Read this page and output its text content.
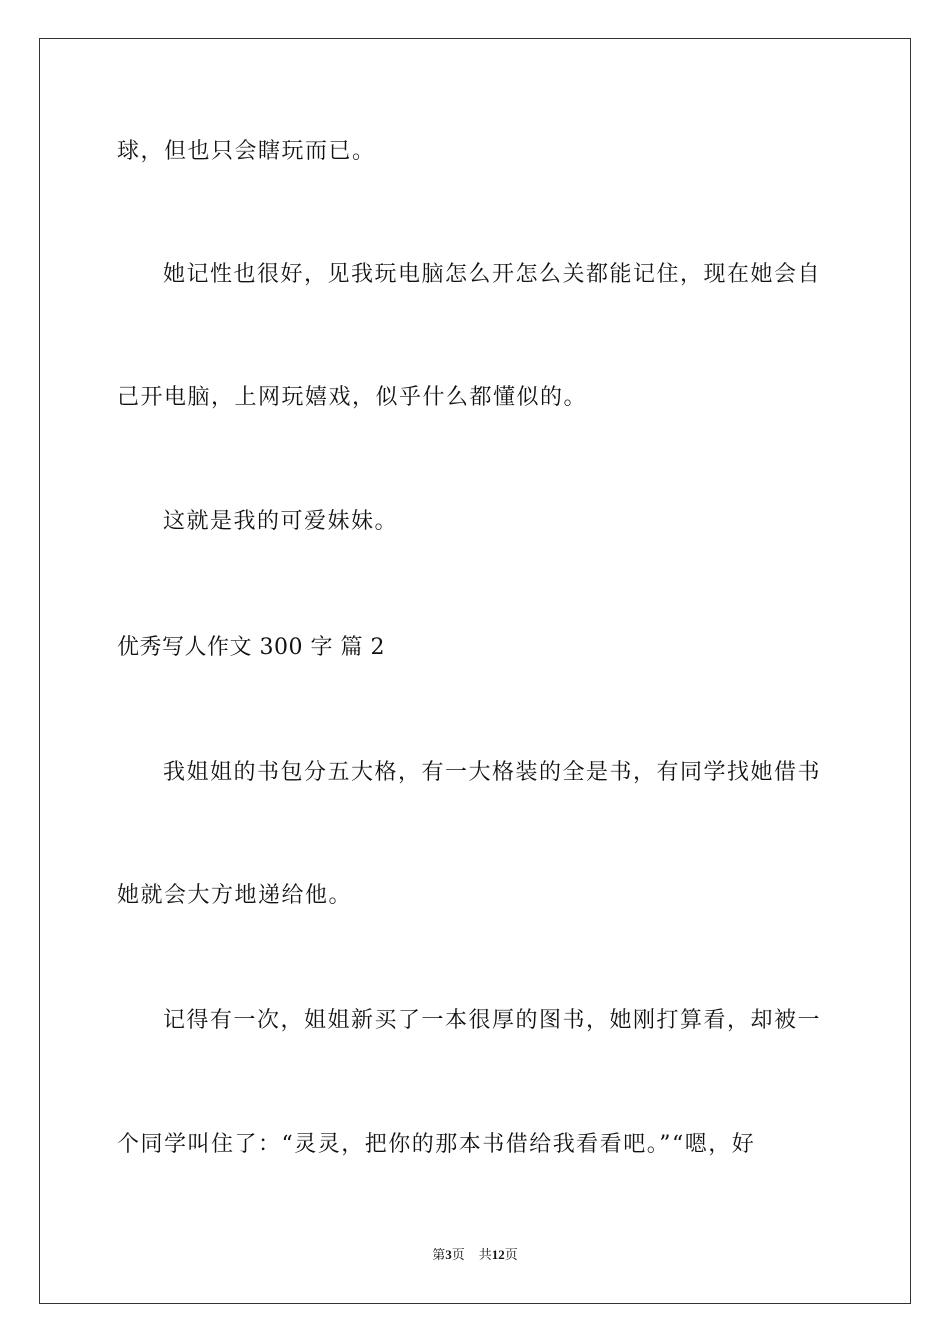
球，但也只会瞎玩而已。
她记性也很好，见我玩电脑怎么开怎么关都能记住，现在她会自
己开电脑，上网玩嬉戏，似乎什么都懂似的。
这就是我的可爱妹妹。
优秀写人作文 300 字 篇 2
我姐姐的书包分五大格，有一大格装的全是书，有同学找她借书
她就会大方地递给他。
记得有一次，姐姐新买了一本很厚的图书，她刚打算看，却被一
个同学叫住了：“灵灵，把你的那本书借给我看看吧。”“嗯，好
第3页 共12页
